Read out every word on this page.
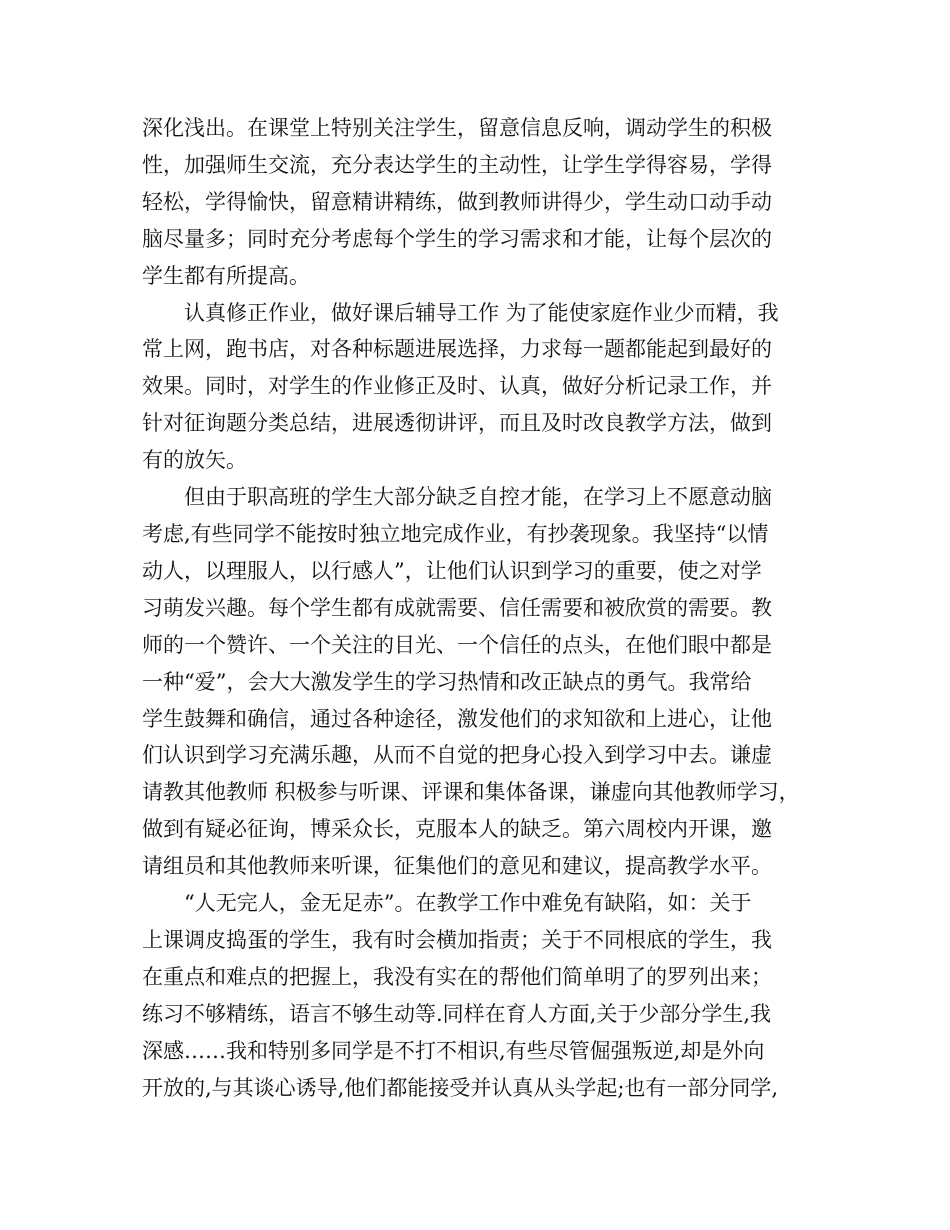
深化浅出。在课堂上特别关注学生，留意信息反响，调动学生的积极
性，加强师生交流，充分表达学生的主动性，让学生学得容易，学得
轻松，学得愉快，留意精讲精练，做到教师讲得少，学生动口动手动
脑尽量多；同时充分考虑每个学生的学习需求和才能，让每个层次的
学生都有所提高。

认真修正作业，做好课后辅导工作 为了能使家庭作业少而精，我
常上网，跑书店，对各种标题进展选择，力求每一题都能起到最好的
效果。同时，对学生的作业修正及时、认真，做好分析记录工作，并
针对征询题分类总结，进展透彻讲评，而且及时改良教学方法，做到
有的放矢。

但由于职高班的学生大部分缺乏自控才能，在学习上不愿意动脑
考虑,有些同学不能按时独立地完成作业，有抄袭现象。我坚持“以情
动人，以理服人，以行感人”，让他们认识到学习的重要，使之对学
习萌发兴趣。每个学生都有成就需要、信任需要和被欣赏的需要。教
师的一个赞许、一个关注的目光、一个信任的点头，在他们眼中都是
一种“爱”，会大大激发学生的学习热情和改正缺点的勇气。我常给
学生鼓舞和确信，通过各种途径，激发他们的求知欲和上进心，让他
们认识到学习充满乐趣，从而不自觉的把身心投入到学习中去。谦虚
请教其他教师 积极参与听课、评课和集体备课，谦虚向其他教师学习，
做到有疑必征询，博采众长，克服本人的缺乏。第六周校内开课，邀
请组员和其他教师来听课，征集他们的意见和建议，提高教学水平。

“人无完人，金无足赤”。在教学工作中难免有缺陷，如：关于
上课调皮捣蛋的学生，我有时会横加指责；关于不同根底的学生，我
在重点和难点的把握上，我没有实在的帮他们简单明了的罗列出来；
练习不够精练，语言不够生动等.同样在育人方面,关于少部分学生,我
深感……我和特别多同学是不打不相识,有些尽管倔强叛逆,却是外向
开放的,与其谈心诱导,他们都能接受并认真从头学起;也有一部分同学,
